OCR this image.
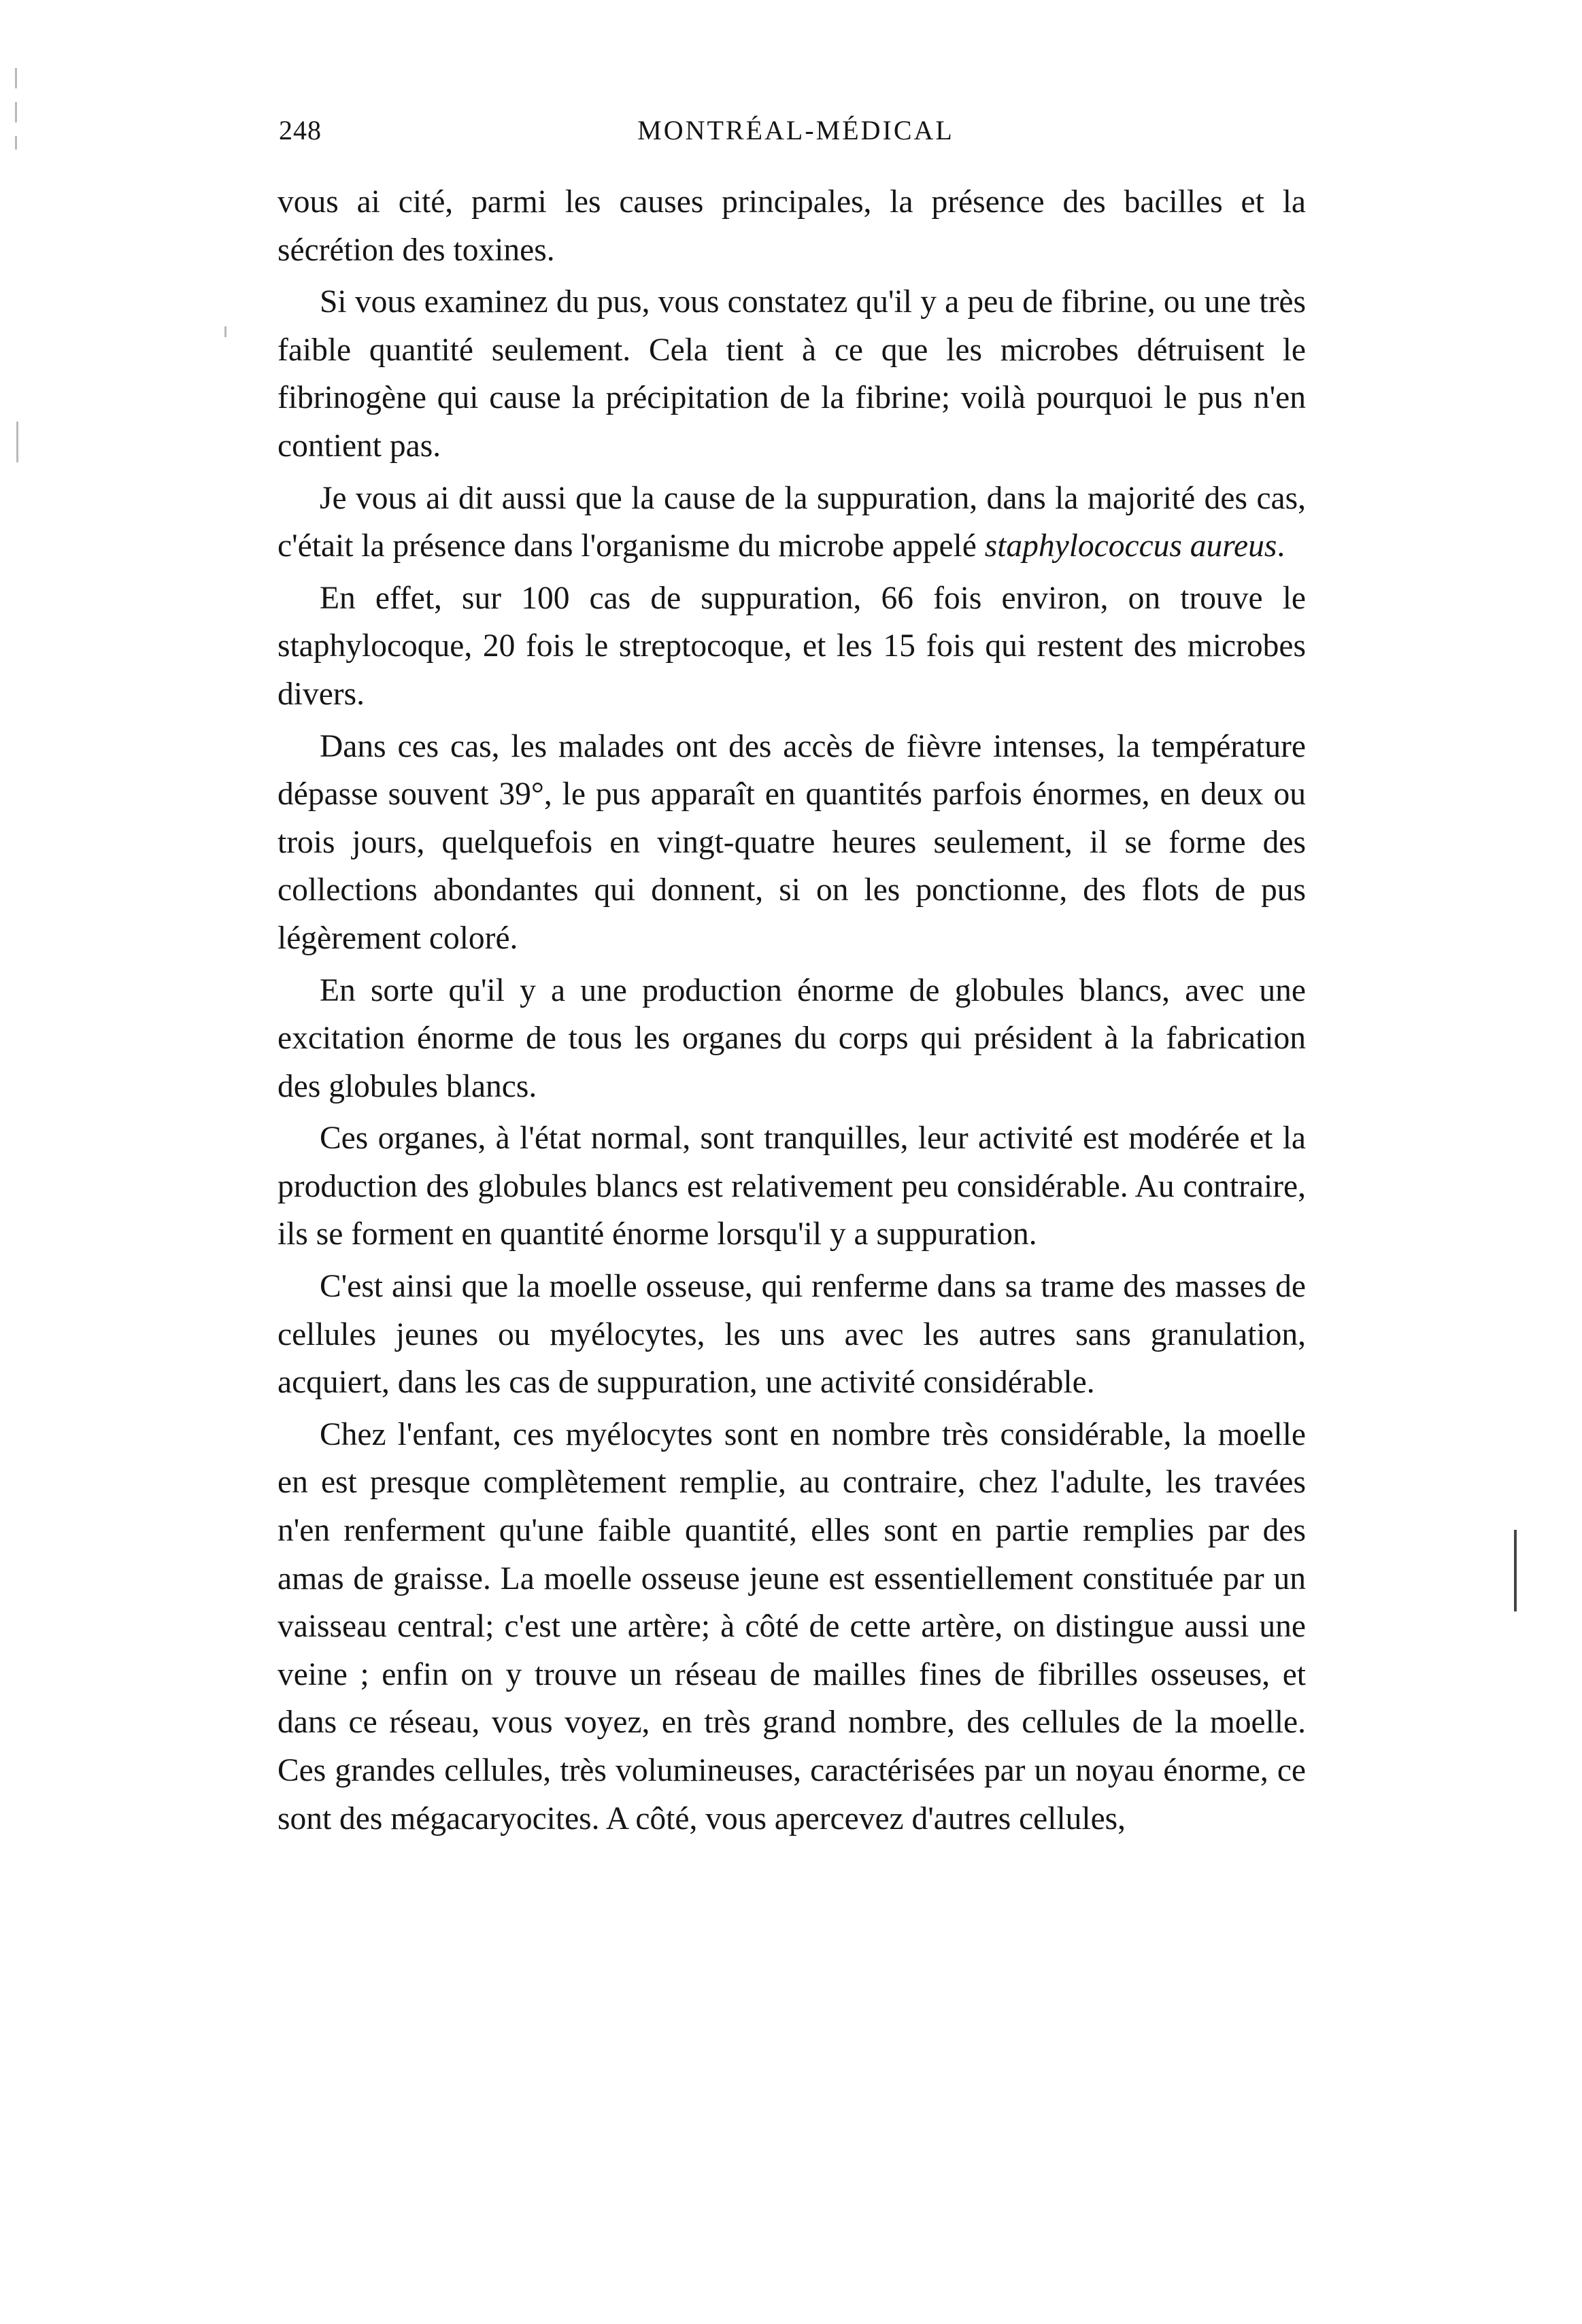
248	MONTRÉAL-MÉDICAL

vous ai cité, parmi les causes principales, la présence des bacilles et la sécrétion des toxines.

Si vous examinez du pus, vous constatez qu'il y a peu de fibrine, ou une très faible quantité seulement. Cela tient à ce que les microbes détruisent le fibrinogène qui cause la précipitation de la fibrine; voilà pourquoi le pus n'en contient pas.

Je vous ai dit aussi que la cause de la suppuration, dans la majorité des cas, c'était la présence dans l'organisme du microbe appelé staphylococcus aureus.

En effet, sur 100 cas de suppuration, 66 fois environ, on trouve le staphylocoque, 20 fois le streptocoque, et les 15 fois qui restent des microbes divers.

Dans ces cas, les malades ont des accès de fièvre intenses, la température dépasse souvent 39°, le pus apparaît en quantités parfois énormes, en deux ou trois jours, quelquefois en vingt-quatre heures seulement, il se forme des collections abondantes qui donnent, si on les ponctionne, des flots de pus légèrement coloré.

En sorte qu'il y a une production énorme de globules blancs, avec une excitation énorme de tous les organes du corps qui président à la fabrication des globules blancs.

Ces organes, à l'état normal, sont tranquilles, leur activité est modérée et la production des globules blancs est relativement peu considérable. Au contraire, ils se forment en quantité énorme lorsqu'il y a suppuration.

C'est ainsi que la moelle osseuse, qui renferme dans sa trame des masses de cellules jeunes ou myélocytes, les uns avec les autres sans granulation, acquiert, dans les cas de suppuration, une activité considérable.

Chez l'enfant, ces myélocytes sont en nombre très considérable, la moelle en est presque complètement remplie, au contraire, chez l'adulte, les travées n'en renferment qu'une faible quantité, elles sont en partie remplies par des amas de graisse. La moelle osseuse jeune est essentiellement constituée par un vaisseau central; c'est une artère; à côté de cette artère, on distingue aussi une veine ; enfin on y trouve un réseau de mailles fines de fibrilles osseuses, et dans ce réseau, vous voyez, en très grand nombre, des cellules de la moelle. Ces grandes cellules, très volumineuses, caractérisées par un noyau énorme, ce sont des mégacaryocites. A côté, vous apercevez d'autres cellules,
